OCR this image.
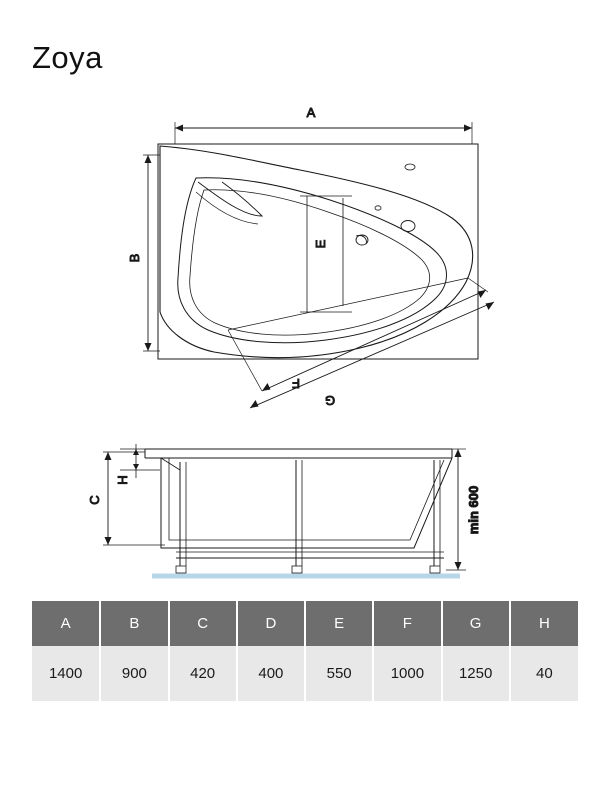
Zoya
A
B
E
F
G
C
H
min 600
A	B	C	D	E	F	G	H
1400	900	420	400	550	1000	1250	40
